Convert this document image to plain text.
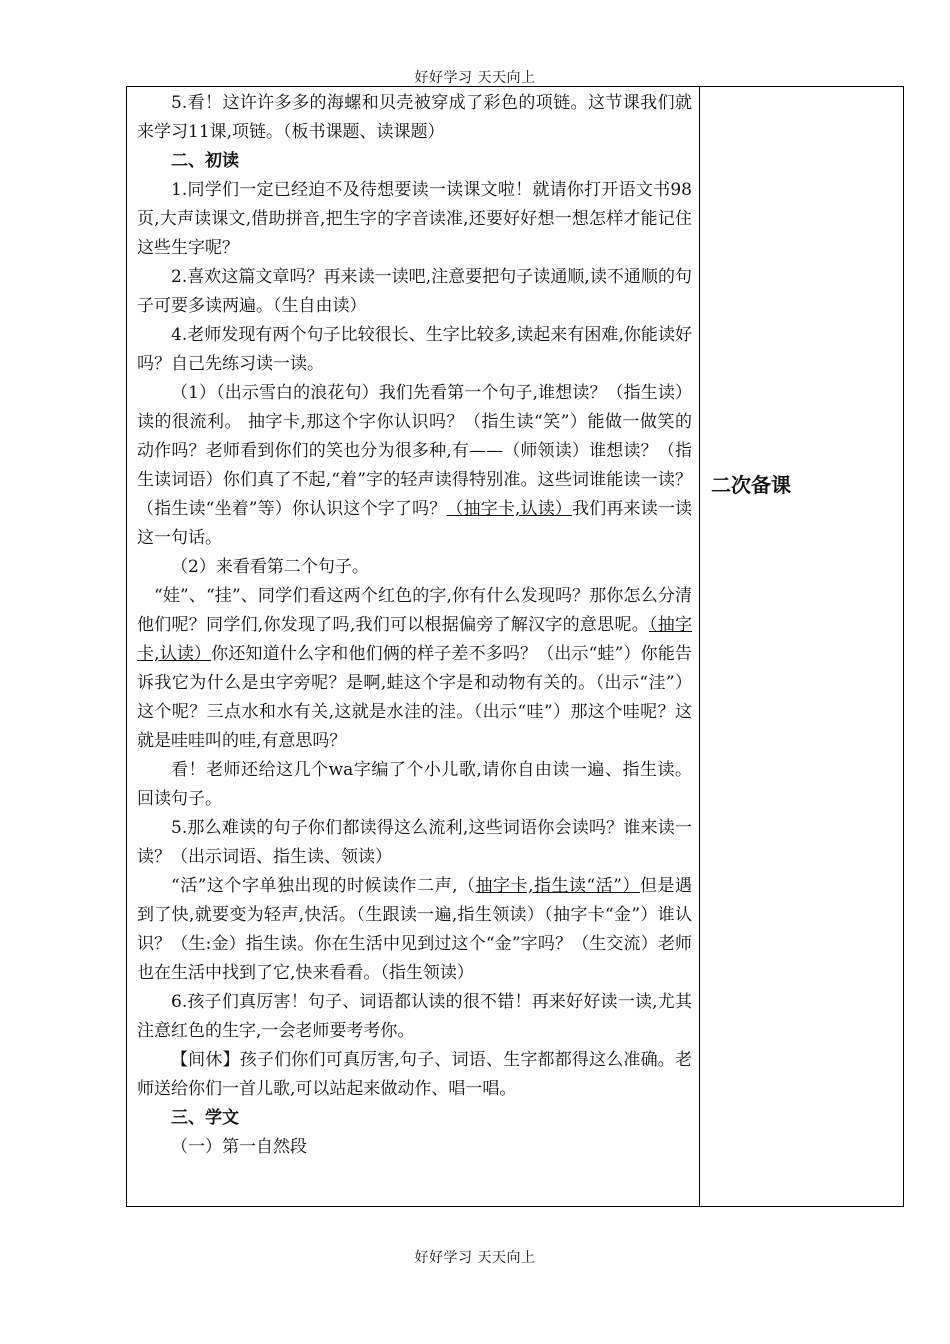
好好学习 天天向上

5.看！这许许多多的海螺和贝壳被穿成了彩色的项链。这节课我们就来学习11课,项链。（板书课题、读课题）

二、初读

1.同学们一定已经迫不及待想要读一读课文啦！就请你打开语文书98页,大声读课文,借助拼音,把生字的字音读准,还要好好想一想怎样才能记住这些生字呢？

2.喜欢这篇文章吗？再来读一读吧,注意要把句子读通顺,读不通顺的句子可要多读两遍。（生自由读）

4.老师发现有两个句子比较很长、生字比较多,读起来有困难,你能读好吗？自己先练习读一读。

（1）（出示雪白的浪花句）我们先看第一个句子,谁想读？（指生读）读的很流利。 抽字卡,那这个字你认识吗？（指生读“笑”）能做一做笑的动作吗？老师看到你们的笑也分为很多种,有——（师领读）谁想读？（指生读词语）你们真了不起,“着”字的轻声读得特别准。这些词谁能读一读？（指生读“坐着”等）你认识这个字了吗？（抽字卡,认读）我们再来读一读这一句话。

（2）来看看第二个句子。

“娃”、“挂”、同学们看这两个红色的字,你有什么发现吗？那你怎么分清他们呢？同学们,你发现了吗,我们可以根据偏旁了解汉字的意思呢。（抽字卡,认读）你还知道什么字和他们俩的样子差不多吗？（出示“蛙”）你能告诉我它为什么是虫字旁呢？是啊,蛙这个字是和动物有关的。（出示“洼”）这个呢？三点水和水有关,这就是水洼的洼。（出示“哇”）那这个哇呢？这就是哇哇叫的哇,有意思吗？

看！老师还给这几个wa字编了个小儿歌,请你自由读一遍、指生读。回读句子。

5.那么难读的句子你们都读得这么流利,这些词语你会读吗？谁来读一读？（出示词语、指生读、领读）

“活”这个字单独出现的时候读作二声,（抽字卡,指生读“活”）但是遇到了快,就要变为轻声,快活。（生跟读一遍,指生领读）（抽字卡“金”）谁认识？（生:金）指生读。你在生活中见到过这个“金”字吗？（生交流）老师也在生活中找到了它,快来看看。（指生领读）

6.孩子们真厉害！句子、词语都认读的很不错！再来好好读一读,尤其注意红色的生字,一会老师要考考你。

【间休】孩子们你们可真厉害,句子、词语、生字都都得这么准确。老师送给你们一首儿歌,可以站起来做动作、唱一唱。

三、学文

（一）第一自然段

二次备课
好好学习 天天向上
